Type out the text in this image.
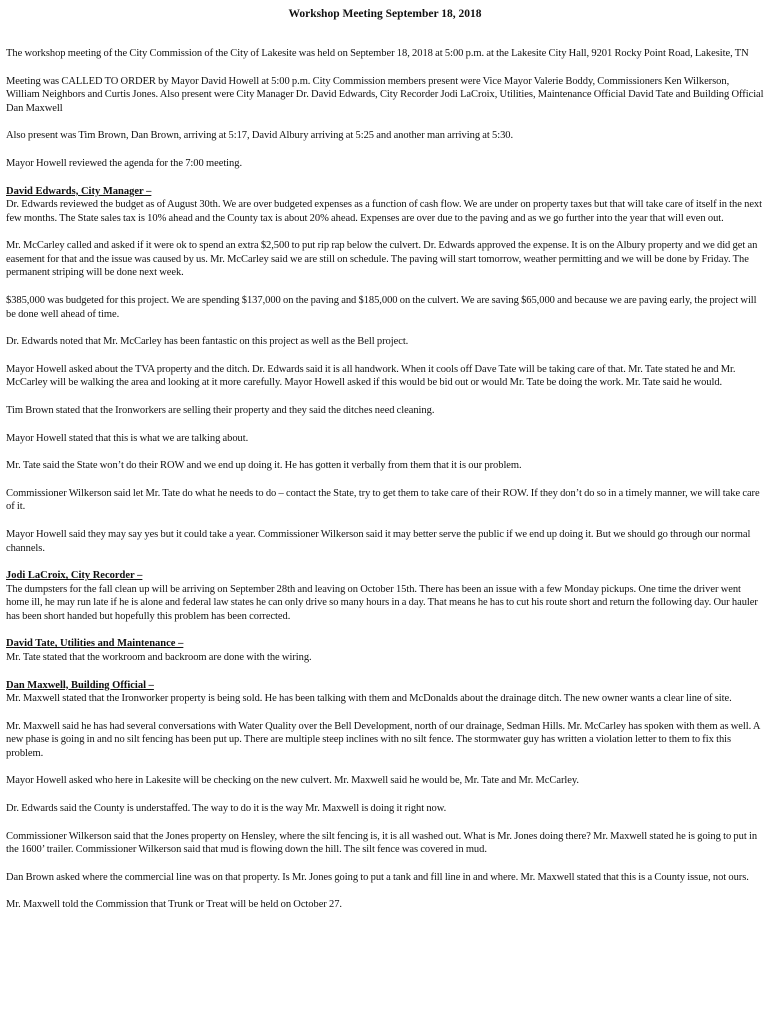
Workshop Meeting September 18, 2018

The workshop meeting of the City Commission of the City of Lakesite was held on September 18, 2018 at 5:00 p.m. at the Lakesite City Hall, 9201 Rocky Point Road, Lakesite, TN

Meeting was CALLED TO ORDER by Mayor David Howell at 5:00 p.m. City Commission members present were Vice Mayor Valerie Boddy, Commissioners Ken Wilkerson, William Neighbors and Curtis Jones. Also present were City Manager Dr. David Edwards, City Recorder Jodi LaCroix, Utilities, Maintenance Official David Tate and Building Official Dan Maxwell

Also present was Tim Brown, Dan Brown, arriving at 5:17, David Albury arriving at 5:25 and another man arriving at 5:30.

Mayor Howell reviewed the agenda for the 7:00 meeting.

David Edwards, City Manager –

Dr. Edwards reviewed the budget as of August 30th. We are over budgeted expenses as a function of cash flow. We are under on property taxes but that will take care of itself in the next few months. The State sales tax is 10% ahead and the County tax is about 20% ahead. Expenses are over due to the paving and as we go further into the year that will even out.

Mr. McCarley called and asked if it were ok to spend an extra $2,500 to put rip rap below the culvert. Dr. Edwards approved the expense. It is on the Albury property and we did get an easement for that and the issue was caused by us. Mr. McCarley said we are still on schedule. The paving will start tomorrow, weather permitting and we will be done by Friday. The permanent striping will be done next week.

$385,000 was budgeted for this project. We are spending $137,000 on the paving and $185,000 on the culvert. We are saving $65,000 and because we are paving early, the project will be done well ahead of time.

Dr. Edwards noted that Mr. McCarley has been fantastic on this project as well as the Bell project.

Mayor Howell asked about the TVA property and the ditch. Dr. Edwards said it is all handwork. When it cools off Dave Tate will be taking care of that. Mr. Tate stated he and Mr. McCarley will be walking the area and looking at it more carefully. Mayor Howell asked if this would be bid out or would Mr. Tate be doing the work. Mr. Tate said he would.

Tim Brown stated that the Ironworkers are selling their property and they said the ditches need cleaning.

Mayor Howell stated that this is what we are talking about.

Mr. Tate said the State won’t do their ROW and we end up doing it. He has gotten it verbally from them that it is our problem.

Commissioner Wilkerson said let Mr. Tate do what he needs to do – contact the State, try to get them to take care of their ROW. If they don’t do so in a timely manner, we will take care of it.

Mayor Howell said they may say yes but it could take a year. Commissioner Wilkerson said it may better serve the public if we end up doing it. But we should go through our normal channels.

Jodi LaCroix, City Recorder –

The dumpsters for the fall clean up will be arriving on September 28th and leaving on October 15th. There has been an issue with a few Monday pickups. One time the driver went home ill, he may run late if he is alone and federal law states he can only drive so many hours in a day. That means he has to cut his route short and return the following day. Our hauler has been short handed but hopefully this problem has been corrected.

David Tate, Utilities and Maintenance –

Mr. Tate stated that the workroom and backroom are done with the wiring.

Dan Maxwell, Building Official –

Mr. Maxwell stated that the Ironworker property is being sold. He has been talking with them and McDonalds about the drainage ditch. The new owner wants a clear line of site.

Mr. Maxwell said he has had several conversations with Water Quality over the Bell Development, north of our drainage, Sedman Hills. Mr. McCarley has spoken with them as well. A new phase is going in and no silt fencing has been put up. There are multiple steep inclines with no silt fence. The stormwater guy has written a violation letter to them to fix this problem.

Mayor Howell asked who here in Lakesite will be checking on the new culvert. Mr. Maxwell said he would be, Mr. Tate and Mr. McCarley.

Dr. Edwards said the County is understaffed. The way to do it is the way Mr. Maxwell is doing it right now.

Commissioner Wilkerson said that the Jones property on Hensley, where the silt fencing is, it is all washed out. What is Mr. Jones doing there? Mr. Maxwell stated he is going to put in the 1600’ trailer. Commissioner Wilkerson said that mud is flowing down the hill. The silt fence was covered in mud.

Dan Brown asked where the commercial line was on that property. Is Mr. Jones going to put a tank and fill line in and where. Mr. Maxwell stated that this is a County issue, not ours.

Mr. Maxwell told the Commission that Trunk or Treat will be held on October 27.
